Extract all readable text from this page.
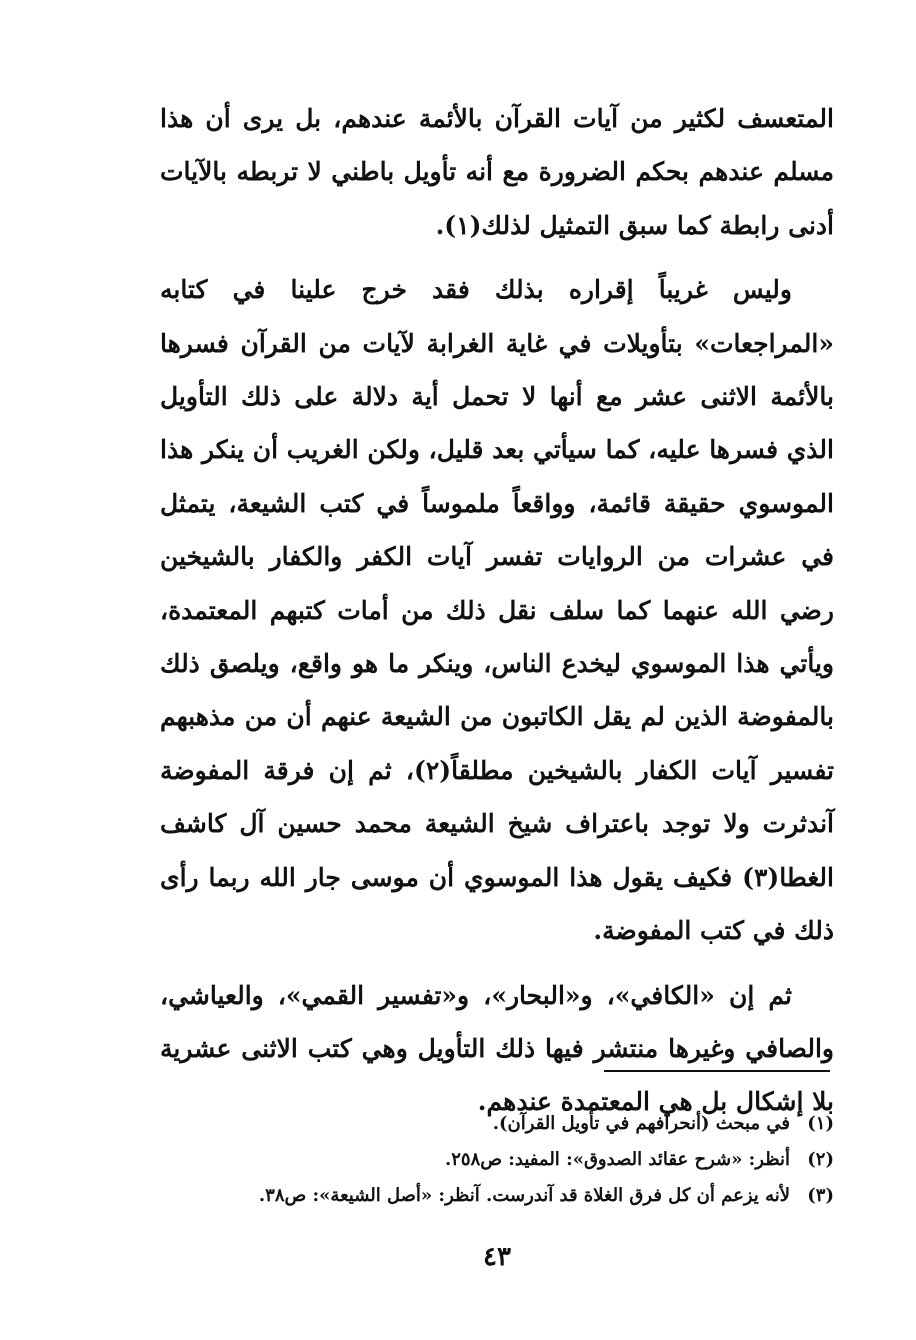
المتعسف لكثير من آيات القرآن بالأئمة عندهم، بل يرى أن هذا مسلم عندهم بحكم الضرورة مع أنه تأويل باطني لا تربطه بالآيات أدنى رابطة كما سبق التمثيل لذلك(١).

وليس غريباً إقراره بذلك فقد خرج علينا في كتابه «المراجعات» بتأويلات في غاية الغرابة لآيات من القرآن فسرها بالأئمة الاثنى عشر مع أنها لا تحمل أية دلالة على ذلك التأويل الذي فسرها عليه، كما سيأتي بعد قليل، ولكن الغريب أن ينكر هذا الموسوي حقيقة قائمة، وواقعاً ملموساً في كتب الشيعة، يتمثل في عشرات من الروايات تفسر آيات الكفر والكفار بالشيخين رضي الله عنهما كما سلف نقل ذلك من أمات كتبهم المعتمدة، ويأتي هذا الموسوي ليخدع الناس، وينكر ما هو واقع، ويلصق ذلك بالمفوضة الذين لم يقل الكاتبون من الشيعة عنهم أن من مذهبهم تفسير آيات الكفار بالشيخين مطلقاً(٢)، ثم إن فرقة المفوضة آندثرت ولا توجد باعتراف شيخ الشيعة محمد حسين آل كاشف الغطا(٣) فكيف يقول هذا الموسوي أن موسى جار الله ربما رأى ذلك في كتب المفوضة.

ثم إن «الكافي»، و«البحار»، و«تفسير القمي»، والعياشي، والصافي وغيرها منتشر فيها ذلك التأويل وهي كتب الاثنى عشرية بلا إشكال بل هي المعتمدة عندهم.

(١)
في مبحث (أنحرافهم في تأويل القرآن).
(٢)
أنظر: «شرح عقائد الصدوق»: المفيد: ص٢٥٨.
(٣)
لأنه يزعم أن كل فرق الغلاة قد آندرست. آنظر: «أصل الشيعة»: ص٣٨.
٤٣
